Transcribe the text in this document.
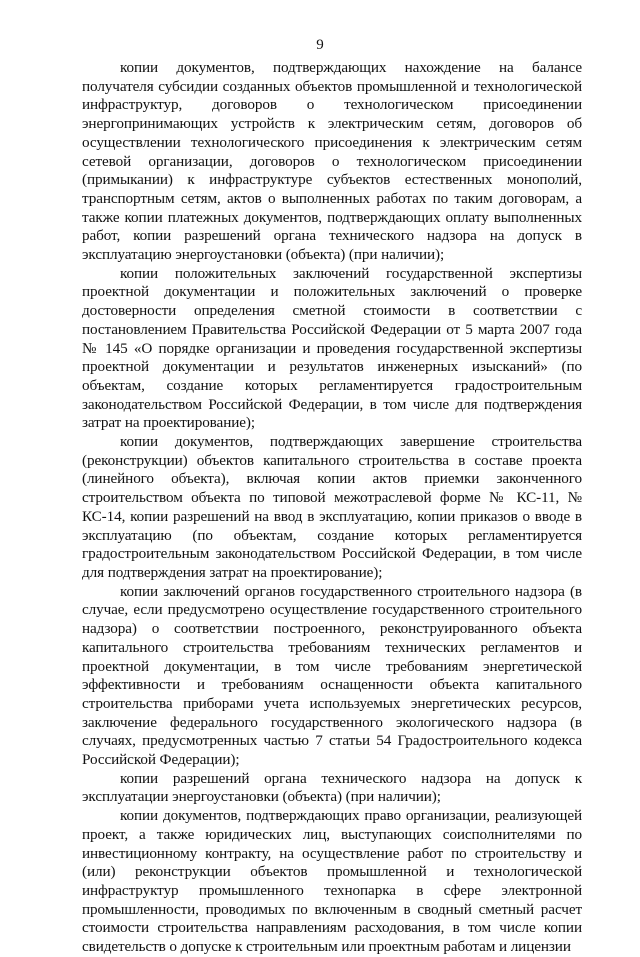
9

копии документов, подтверждающих нахождение на балансе получателя субсидии созданных объектов промышленной и технологической инфраструктур, договоров о технологическом присоединении энергопринимающих устройств к электрическим сетям, договоров об осуществлении технологического присоединения к электрическим сетям сетевой организации, договоров о технологическом присоединении (примыкании) к инфраструктуре субъектов естественных монополий, транспортным сетям, актов о выполненных работах по таким договорам, а также копии платежных документов, подтверждающих оплату выполненных работ, копии разрешений органа технического надзора на допуск в эксплуатацию энергоустановки (объекта) (при наличии);

копии положительных заключений государственной экспертизы проектной документации и положительных заключений о проверке достоверности определения сметной стоимости в соответствии с постановлением Правительства Российской Федерации от 5 марта 2007 года № 145 «О порядке организации и проведения государственной экспертизы проектной документации и результатов инженерных изысканий» (по объектам, создание которых регламентируется градостроительным законодательством Российской Федерации, в том числе для подтверждения затрат на проектирование);

копии документов, подтверждающих завершение строительства (реконструкции) объектов капитального строительства в составе проекта (линейного объекта), включая копии актов приемки законченного строительством объекта по типовой межотраслевой форме № КС-11, № КС-14, копии разрешений на ввод в эксплуатацию, копии приказов о вводе в эксплуатацию (по объектам, создание которых регламентируется градостроительным законодательством Российской Федерации, в том числе для подтверждения затрат на проектирование);

копии заключений органов государственного строительного надзора (в случае, если предусмотрено осуществление государственного строительного надзора) о соответствии построенного, реконструированного объекта капитального строительства требованиям технических регламентов и проектной документации, в том числе требованиям энергетической эффективности и требованиям оснащенности объекта капитального строительства приборами учета используемых энергетических ресурсов, заключение федерального государственного экологического надзора (в случаях, предусмотренных частью 7 статьи 54 Градостроительного кодекса Российской Федерации);

копии разрешений органа технического надзора на допуск к эксплуатации энергоустановки (объекта) (при наличии);

копии документов, подтверждающих право организации, реализующей проект, а также юридических лиц, выступающих соисполнителями по инвестиционному контракту, на осуществление работ по строительству и (или) реконструкции объектов промышленной и технологической инфраструктур промышленного технопарка в сфере электронной промышленности, проводимых по включенным в сводный сметный расчет стоимости строительства направлениям расходования, в том числе копии свидетельств о допуске к строительным или проектным работам и лицензии
